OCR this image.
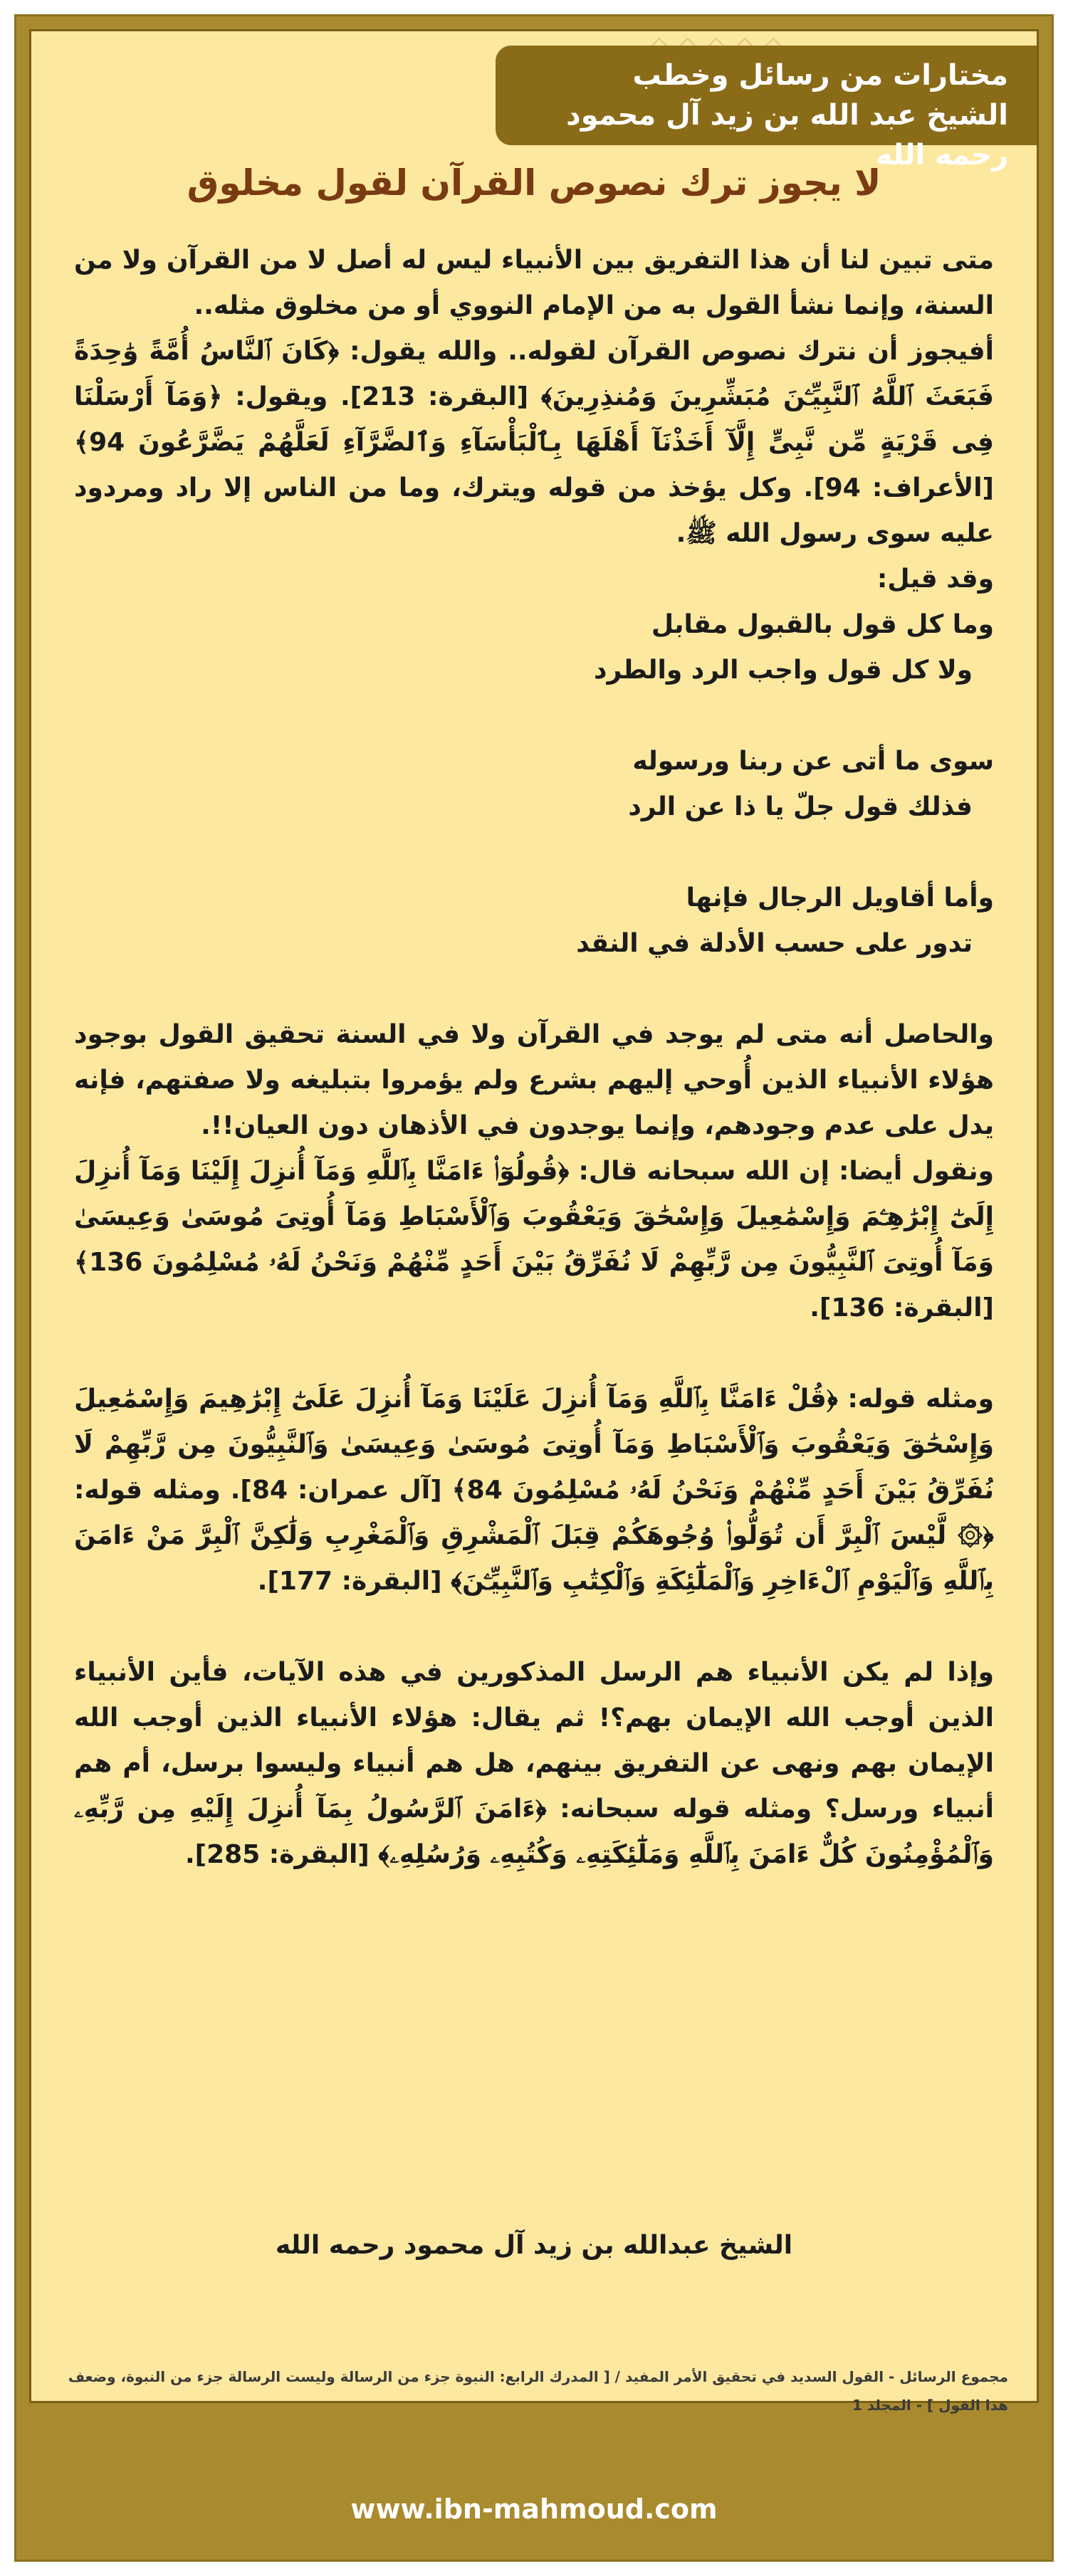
مختارات من رسائل وخطب
الشيخ عبد الله بن زيد آل محمود رحمه الله
لا يجوز ترك نصوص القرآن لقول مخلوق

متى تبين لنا أن هذا التفريق بين الأنبياء ليس له أصل لا من القرآن ولا من السنة، وإنما نشأ القول به من الإمام النووي أو من مخلوق مثله..

أفيجوز أن نترك نصوص القرآن لقوله.. والله يقول: ﴿كَانَ ٱلنَّاسُ أُمَّةً وَٰحِدَةً فَبَعَثَ ٱللَّهُ ٱلنَّبِيِّـۧنَ مُبَشِّرِينَ وَمُنذِرِينَ﴾ [البقرة: 213]. ويقول: ﴿وَمَآ أَرْسَلْنَا فِى قَرْيَةٍ مِّن نَّبِىٍّ إِلَّآ أَخَذْنَآ أَهْلَهَا بِٱلْبَأْسَآءِ وَٱلضَّرَّآءِ لَعَلَّهُمْ يَضَّرَّعُونَ 94﴾ [الأعراف: 94]. وكل يؤخذ من قوله ويترك، وما من الناس إلا راد ومردود عليه سوى رسول الله ﷺ.

وقد قيل:

وما كل قول بالقبول مقابل

ولا كل قول واجب الرد والطرد

سوى ما أتى عن ربنا ورسوله

فذلك قول جلّ يا ذا عن الرد

وأما أقاويل الرجال فإنها

تدور على حسب الأدلة في النقد

والحاصل أنه متى لم يوجد في القرآن ولا في السنة تحقيق القول بوجود هؤلاء الأنبياء الذين أُوحي إليهم بشرع ولم يؤمروا بتبليغه ولا صفتهم، فإنه يدل على عدم وجودهم، وإنما يوجدون في الأذهان دون العيان!!.

ونقول أيضا: إن الله سبحانه قال: ﴿قُولُوٓا۟ ءَامَنَّا بِٱللَّهِ وَمَآ أُنزِلَ إِلَيْنَا وَمَآ أُنزِلَ إِلَىٰٓ إِبْرَٰهِـۧمَ وَإِسْمَٰعِيلَ وَإِسْحَٰقَ وَيَعْقُوبَ وَٱلْأَسْبَاطِ وَمَآ أُوتِىَ مُوسَىٰ وَعِيسَىٰ وَمَآ أُوتِىَ ٱلنَّبِيُّونَ مِن رَّبِّهِمْ لَا نُفَرِّقُ بَيْنَ أَحَدٍ مِّنْهُمْ وَنَحْنُ لَهُۥ مُسْلِمُونَ 136﴾ [البقرة: 136].

ومثله قوله: ﴿قُلْ ءَامَنَّا بِٱللَّهِ وَمَآ أُنزِلَ عَلَيْنَا وَمَآ أُنزِلَ عَلَىٰٓ إِبْرَٰهِيمَ وَإِسْمَٰعِيلَ وَإِسْحَٰقَ وَيَعْقُوبَ وَٱلْأَسْبَاطِ وَمَآ أُوتِىَ مُوسَىٰ وَعِيسَىٰ وَٱلنَّبِيُّونَ مِن رَّبِّهِمْ لَا نُفَرِّقُ بَيْنَ أَحَدٍ مِّنْهُمْ وَنَحْنُ لَهُۥ مُسْلِمُونَ 84﴾ [آل عمران: 84]. ومثله قوله: ﴿۞ لَّيْسَ ٱلْبِرَّ أَن تُوَلُّوا۟ وُجُوهَكُمْ قِبَلَ ٱلْمَشْرِقِ وَٱلْمَغْرِبِ وَلَٰكِنَّ ٱلْبِرَّ مَنْ ءَامَنَ بِٱللَّهِ وَٱلْيَوْمِ ٱلْءَاخِرِ وَٱلْمَلَٰٓئِكَةِ وَٱلْكِتَٰبِ وَٱلنَّبِيِّـۧنَ﴾ [البقرة: 177].

وإذا لم يكن الأنبياء هم الرسل المذكورين في هذه الآيات، فأين الأنبياء الذين أوجب الله الإيمان بهم؟! ثم يقال: هؤلاء الأنبياء الذين أوجب الله الإيمان بهم ونهى عن التفريق بينهم، هل هم أنبياء وليسوا برسل، أم هم أنبياء ورسل؟ ومثله قوله سبحانه: ﴿ءَامَنَ ٱلرَّسُولُ بِمَآ أُنزِلَ إِلَيْهِ مِن رَّبِّهِۦ وَٱلْمُؤْمِنُونَ كُلٌّ ءَامَنَ بِٱللَّهِ وَمَلَٰٓئِكَتِهِۦ وَكُتُبِهِۦ وَرُسُلِهِۦ﴾ [البقرة: 285].

الشيخ عبدالله بن زيد آل محمود رحمه الله
مجموع الرسائل - القول السديد في تحقيق الأمر المفيد / [ المدرك الرابع: النبوة جزء من الرسالة وليست الرسالة جزء من النبوة، وضعف هذا القول ] - المجلد 1
www.ibn-mahmoud.com
